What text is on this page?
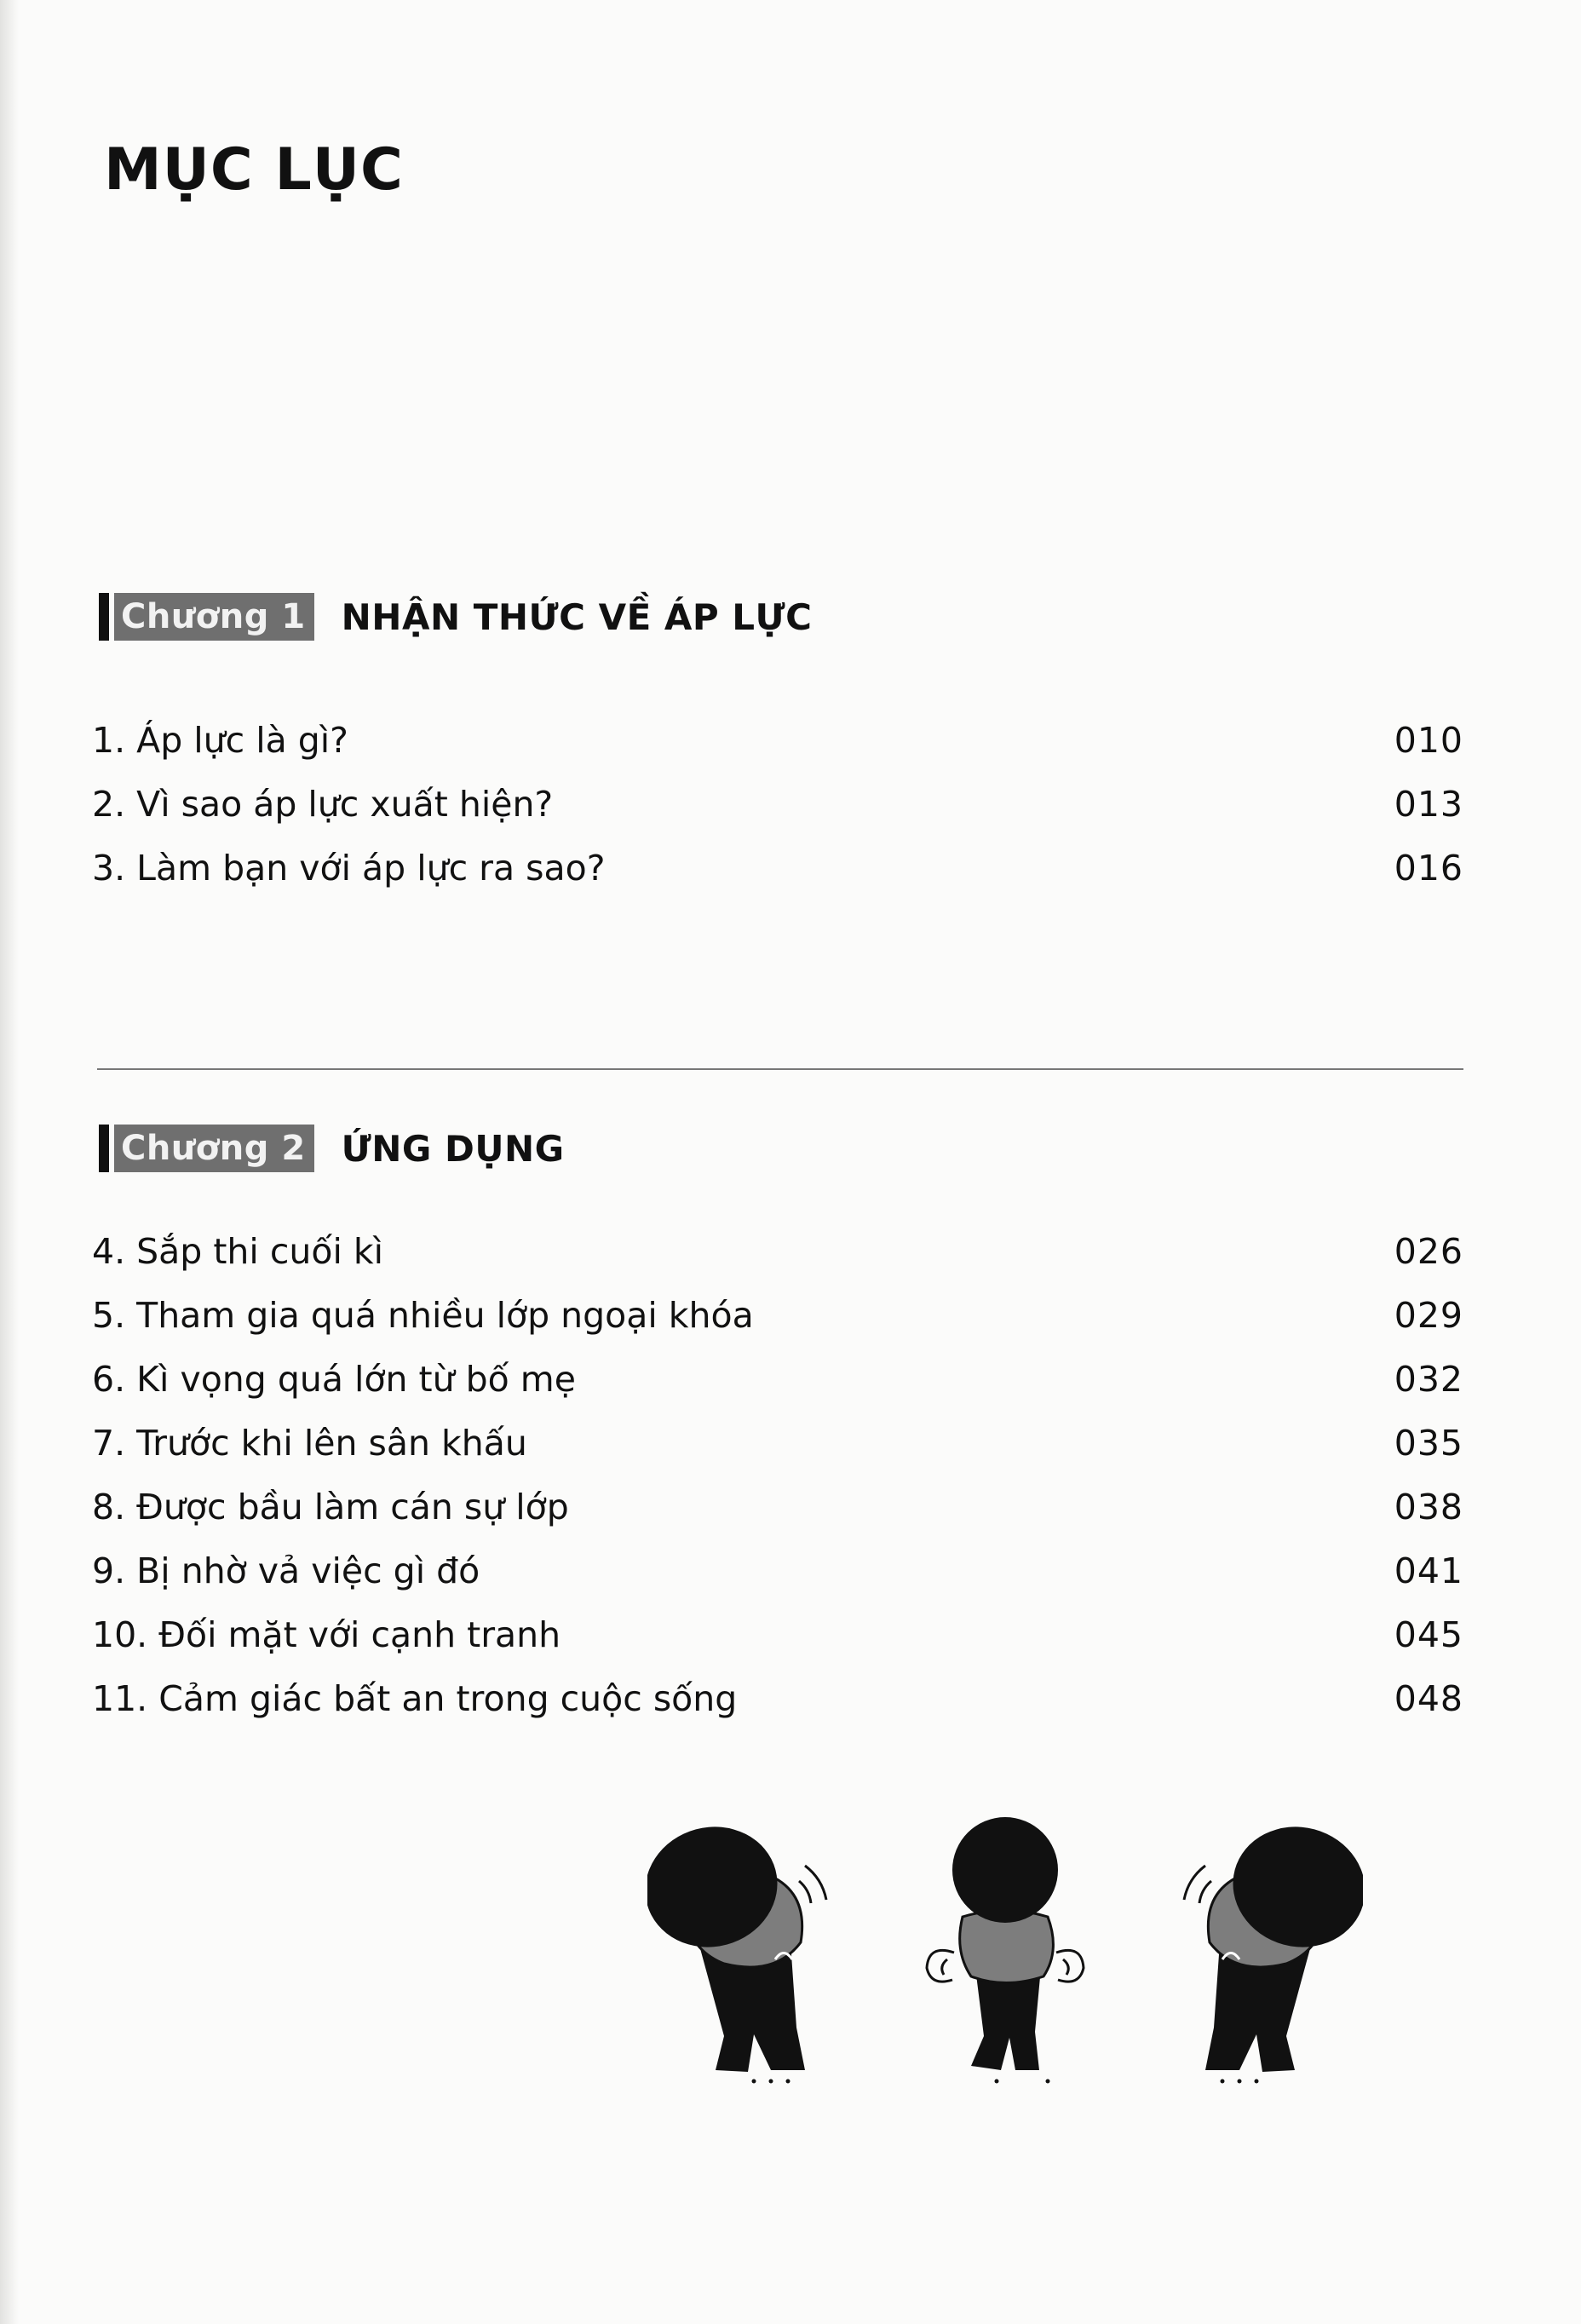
MỤC LỤC
Chương 1 NHẬN THỨC VỀ ÁP LỰC
1. Áp lực là gì?	010
2. Vì sao áp lực xuất hiện?	013
3. Làm bạn với áp lực ra sao?	016
Chương 2 ỨNG DỤNG
4. Sắp thi cuối kì	026
5. Tham gia quá nhiều lớp ngoại khóa	029
6. Kì vọng quá lớn từ bố mẹ	032
7. Trước khi lên sân khấu	035
8. Được bầu làm cán sự lớp	038
9. Bị nhờ vả việc gì đó	041
10. Đối mặt với cạnh tranh	045
11. Cảm giác bất an trong cuộc sống	048
